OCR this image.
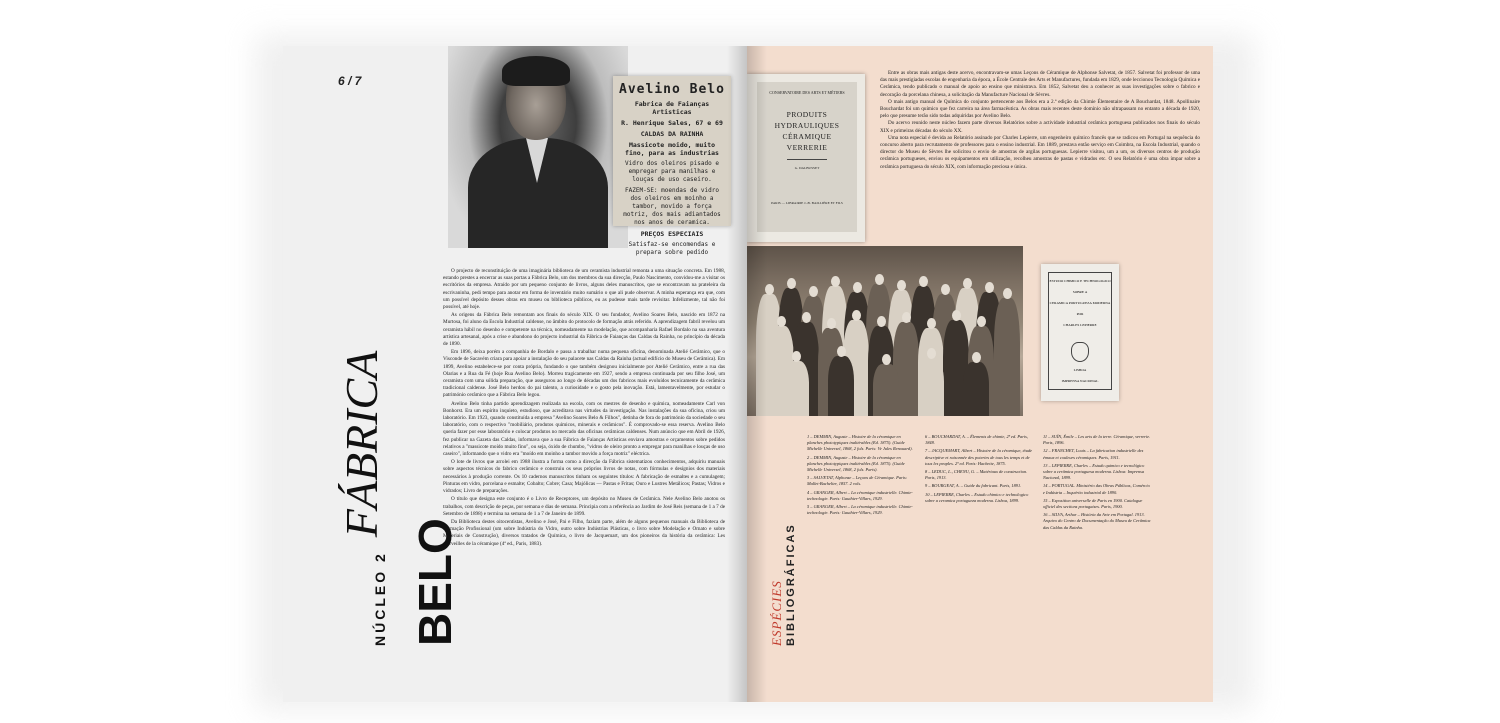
6 / 7
Avelino Belo
Fabrica de Faianças Artisticas
R. Henrique Sales, 67 e 69
CALDAS DA RAINHA
Massicote moido, muito fino, para as industrias
Vidro dos oleiros pisado e empregar para manilhas e louças de uso caseiro.
FAZEM-SE: moendas de vidro dos oleiros em moinho a tambor, movido a força motriz, dos mais adiantados nos anos de ceramica.
PREÇOS ESPECIAIS
Satisfaz-se encomendas e prepara sobre pedido

O projecto de reconstituição de uma imaginária biblioteca de um ceramista industrial remonta a uma situação concreta. Em 1988, estando prestes a encerrar as suas portas a Fábrica Belo, um dos membros da sua direcção, Paulo Nascimento, convidou-me a visitar os escritórios da empresa. Atraído por um pequeno conjunto de livros, alguns deles manuscritos, que se encontravam na prateleira da escrivaninha, pedi tempo para anotar em forma de inventário muito sumário o que ali pude observar. A minha esperança era que, com um possível depósito desses obras em museu ou biblioteca públicos, eu as pudesse mais tarde revisitar. Infelizmente, tal não foi possível, até hoje.

As origens da Fábrica Belo remontam aos finais do século XIX. O seu fundador, Avelino Soares Belo, nascido em 1872 na Murtosa, foi aluno da Escola Industrial caldense, no âmbito do protocolo de formação atrás referido. A aprendizagem fabril revelou um ceramista hábil no desenho e competente na técnica, nomeadamente na modelação, que acompanharia Rafael Bordalo na sua aventura artística artesanal, após a crise e abandono do projecto industrial da Fábrica de Faianças das Caldas da Rainha, no princípio da década de 1890.

Em 1896, deixa porém a companhia de Bordalo e passa a trabalhar numa pequena oficina, denominada Atelié Cerâmico, que o Visconde de Sacavém criara para apoiar a instalação do seu palacete nas Caldas da Rainha (actual edifício do Museu de Cerâmica). Em 1899, Avelino estabelece-se por conta própria, fundando o que também designou inicialmente por Atelié Cerâmico, entre a rua das Olarias e a Rua da Fé (hoje Rua Avelino Belo). Morreu tragicamente em 1927, sendo a empresa continuada por seu filho José, um ceramista com uma sólida preparação, que assegurou ao longo de décadas um dos fabricos mais evoluídos tecnicamente da cerâmica tradicional caldense. José Belo herdou do pai talento, a curiosidade e o gosto pela inovação. Está, lamentavelmente, por estudar o património cerâmico que a Fábrica Belo legou.

Avelino Belo tinha partido aprendizagem realizada na escola, com os mestres de desenho e química, nomeadamente Carl von Bonhorst. Era um espírito inquieto, estudioso, que acreditava nas virtudes da investigação. Nas instalações da sua oficina, criou um laboratório. Em 1923, quando constituída a empresa "Avelino Soares Belo & Filhos", detinha de fora do património da sociedade o seu laboratório, com o respectivo "mobiliário, produtos químicos, minerais e cerâmicos". É comprovado-se essa reserva. Avelino Belo queria fazer por esse laboratório e colocar produtos no mercado das oficinas cerâmicas caldenses. Num anúncio que em Abril de 1926, fez publicar na Gazeta das Caldas, informava que a sua Fábrica de Faianças Artísticas enviava amostras e orçamentos sobre pedidos relativos a "massicote moído muito fino", ou seja, óxido de chumbo, "vidros de oleiro pronto a empregar para manilhas e louças de uso caseiro", informando que o vidro era "moído em moinho a tambor movido a força motriz" eléctrica.

O lote de livros que arrolei em 1988 ilustra a forma como a direcção da Fábrica sistematizou conhecimentos, adquiriu manuais sobre aspectos técnicos do fabrico cerâmico e construiu os seus próprios livros de notas, com fórmulas e desígnios dos materiais necessários à produção corrente. Os 10 cadernos manuscritos tinham os seguintes títulos: A fabricação de esmaltes e a cumulagem; Pinturas em vidro, porcelana e esmalte; Cobalto; Cobre; Casa; Majólicas — Pastas e Fritas; Ouro e Lustres Metálicos; Pastas; Vidros e vidrados; Livro de preparações.

O título que designa este conjunto é o Livro de Receptores, um depósito no Museu de Cerâmica. Nele Avelino Belo anotou os trabalhos, com descrição de peças, por semana e dias de semana. Principia com a referência ao Jardim de José Reis (semana de 1 a 7 de Setembro de 1898) e termina na semana de 1 a 7 de Janeiro de 1899.

Da Biblioteca destes oitocentistas, Avelino e José, Pai e Filho, faziam parte, além de alguns pequenos manuais da Biblioteca de Formação Profissional (um sobre Indústria do Vidro, outro sobre Indústrias Plásticas, o livro sobre Modelação e Ornato e sobre Materiais de Construção), diversos tratados de Química, o livro de Jacquemart, um dos pioneiros da história da cerâmica: Les merveilles de la céramique (4ª ed., Paris, 1883).

NÚCLEO 2FÁBRICA
BELO
CONSERVATOIRE DES ARTS ET MÉTIERS
PRODUITS HYDRAULIQUES
CÉRAMIQUE
VERRERIE
G. DALBUSSET
PARIS — LIBRAIRIE J.-B. BAILLIÈRE ET FILS

Entre as obras mais antigas deste acervo, encontravam-se umas Leçons de Céramique de Alphonse Salvetat, de 1857. Salvetat foi professor de uma das mais prestigiadas escolas de engenharia da época, a École Centrale des Arts et Manufactures, fundada em 1829, onde leccionou Tecnologia Química e Cerâmica, tendo publicado o manual de apoio ao ensino que ministrava. Em 1852, Salvetat deu a conhecer as suas investigações sobre o fabrico e decoração da porcelana chinesa, a solicitação da Manufacture Nacional de Sèvres.

O mais antigo manual de Química do conjunto pertencente aos Belos era a 2.ª edição da Chimie Élementaire de A Bouchardat, 1848. Apollinaire Bouchardat foi um químico que fez carreira na área farmacêutica. As obras mais recentes deste domínio não ultrapassam no entanto a década de 1920, pelo que presume terão sido todas adquiridas por Avelino Belo.

Do acervo reunido neste núcleo fazem parte diversos Relatórios sobre a actividade industrial cerâmica portuguesa publicados nos finais do século XIX e primeiras décadas do século XX.

Uma nota especial é devida ao Relatório assinado por Charles Lepierre, um engenheiro químico francês que se radicou em Portugal na sequência do concurso aberto para recrutamento de professores para o ensino industrial. Em 1889, prestava então serviço em Coimbra, na Escola Industrial, quando o director do Museu de Sèvres lhe solicitou o envio de amostras de argilas portuguesas. Lepierre visitou, um a um, os diversos centros de produção cerâmica portugueses, enviou os equipamentos em utilização, recolheu amostras de pastas e vidrados etc. O seu Relatório é uma obra ímpar sobre a cerâmica portuguesa do século XIX, com informação preciosa e única.

ESTUDO CHIMICO E TECHNOLOGICO
SOBRE A
CERAMICA PORTUGUEZA MODERNA
POR
CHARLES LEPIERRE
LISBOA
IMPRENSA NACIONAL
ESPÉCIES BIBLIOGRÁFICAS

1 – DEMMIN, Auguste – Histoire de la céramique en planches phototypiques inaltérables (Ed. 1875). (Guide Michelle Universel, 1868, 2 fols. Paris: Ve Jules Renouard).

2 – DEMMIN, Auguste – Histoire de la céramique en planches phototypiques inaltérables (Ed. 1875). (Guide Michelle Universel, 1868, 2 fols. Paris).

3 – SALVETAT, Alphonse – Leçons de Céramique. Paris: Mallet-Bachelier, 1857. 2 vols.

4 – GRANGER, Albert – La céramique industrielle. Chimie-technologie. Paris: Gauthier-Villars, 1929.

5 – GRANGER, Albert – La céramique industrielle. Chimie-technologie. Paris: Gauthier-Villars, 1929.

6 – BOUCHARDAT, A. – Élements de chimie, 2ª ed. Paris, 1848.

7 – JACQUEMART, Albert – Histoire de la céramique, étude descriptive et raisonnée des poteries de tous les temps et de tous les peuples. 2ª ed. Paris: Hachette, 1875.

8 – LEDUC, L., CHENU, G. – Matériaux de construction. Paris, 1913.

9 – BOURGEAT, A. – Guide du fabricant. Paris, 1891.

10 – LEPIERRE, Charles – Estudo chimico e technologico sobre a ceramica portugueza moderna. Lisboa, 1899.

11 – SUÏN, Émile – Les arts de la terre. Céramique, verrerie. Paris, 1896.

12 – FRANCHET, Louis – La fabrication industrielle des émaux et couleurs céramiques. Paris, 1911.

13 – LEPIERRE, Charles – Estudo quimico e tecnológico sobre a cerâmica portuguesa moderna. Lisboa: Imprensa Nacional, 1899.

14 – PORTUGAL. Ministério das Obras Públicas, Comércio e Indústria – Inquérito industrial de 1890.

15 – Exposition universelle de Paris en 1900. Catalogue officiel des sections portugaises. Paris, 1900.

16 – SILVA, Arthur – História da Arte em Portugal. 1913. Arquivo do Centro de Documentação do Museu de Cerâmica das Caldas da Rainha.
